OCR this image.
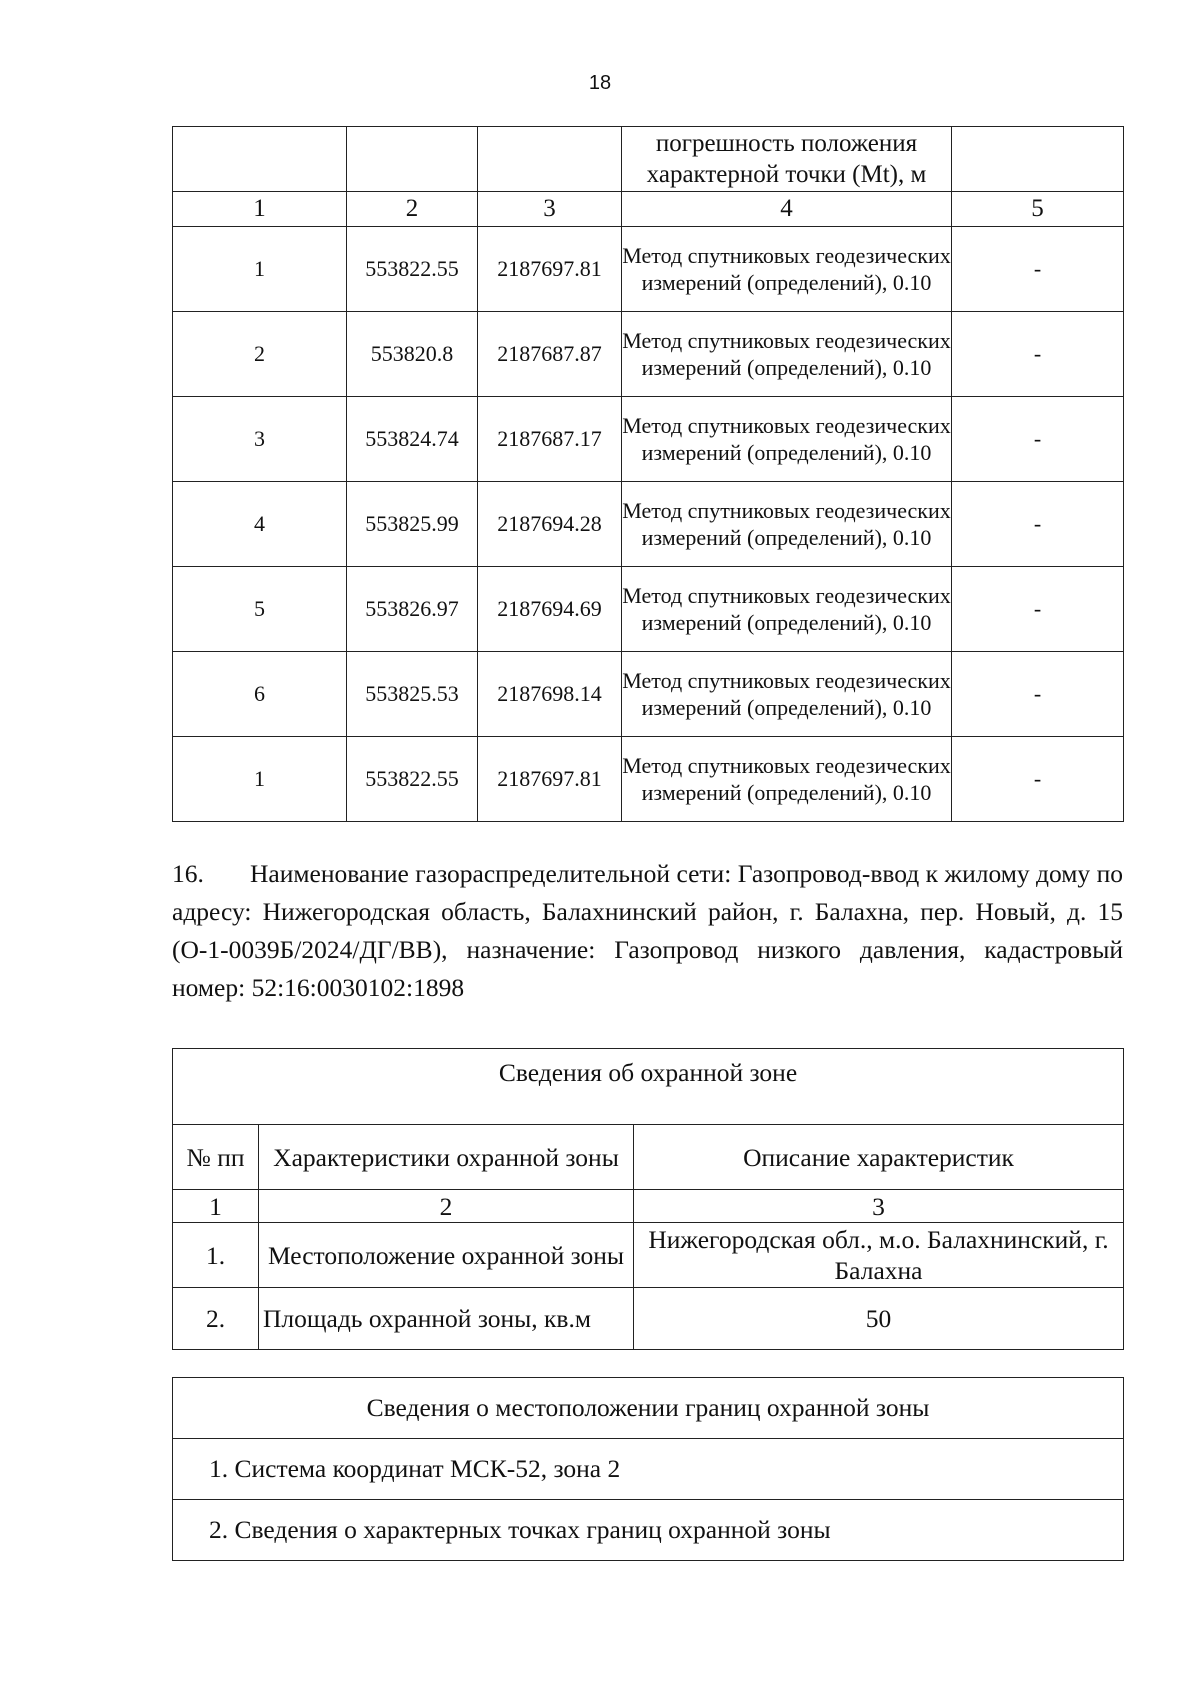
18
			погрешность положения характерной точки (Mt), м	
1	2	3	4	5
1	553822.55	2187697.81	Метод спутниковых геодезических измерений (определений), 0.10	-
2	553820.8	2187687.87	Метод спутниковых геодезических измерений (определений), 0.10	-
3	553824.74	2187687.17	Метод спутниковых геодезических измерений (определений), 0.10	-
4	553825.99	2187694.28	Метод спутниковых геодезических измерений (определений), 0.10	-
5	553826.97	2187694.69	Метод спутниковых геодезических измерений (определений), 0.10	-
6	553825.53	2187698.14	Метод спутниковых геодезических измерений (определений), 0.10	-
1	553822.55	2187697.81	Метод спутниковых геодезических измерений (определений), 0.10	-
16. Наименование газораспределительной сети: Газопровод-ввод к жилому дому по адресу: Нижегородская область, Балахнинский район, г. Балахна, пер. Новый, д. 15 (О-1-0039Б/2024/ДГ/ВВ), назначение: Газопровод низкого давления, кадастровый номер: 52:16:0030102:1898
Сведения об охранной зоне		
№ пп	Характеристики охранной зоны	Описание характеристик
1	2	3
1.	Местоположение охранной зоны	Нижегородская обл., м.о. Балахнинский, г. Балахна
2.	Площадь охранной зоны, кв.м	50
Сведения о местоположении границ охранной зоны
1. Система координат МСК-52, зона 2
2. Сведения о характерных точках границ охранной зоны
